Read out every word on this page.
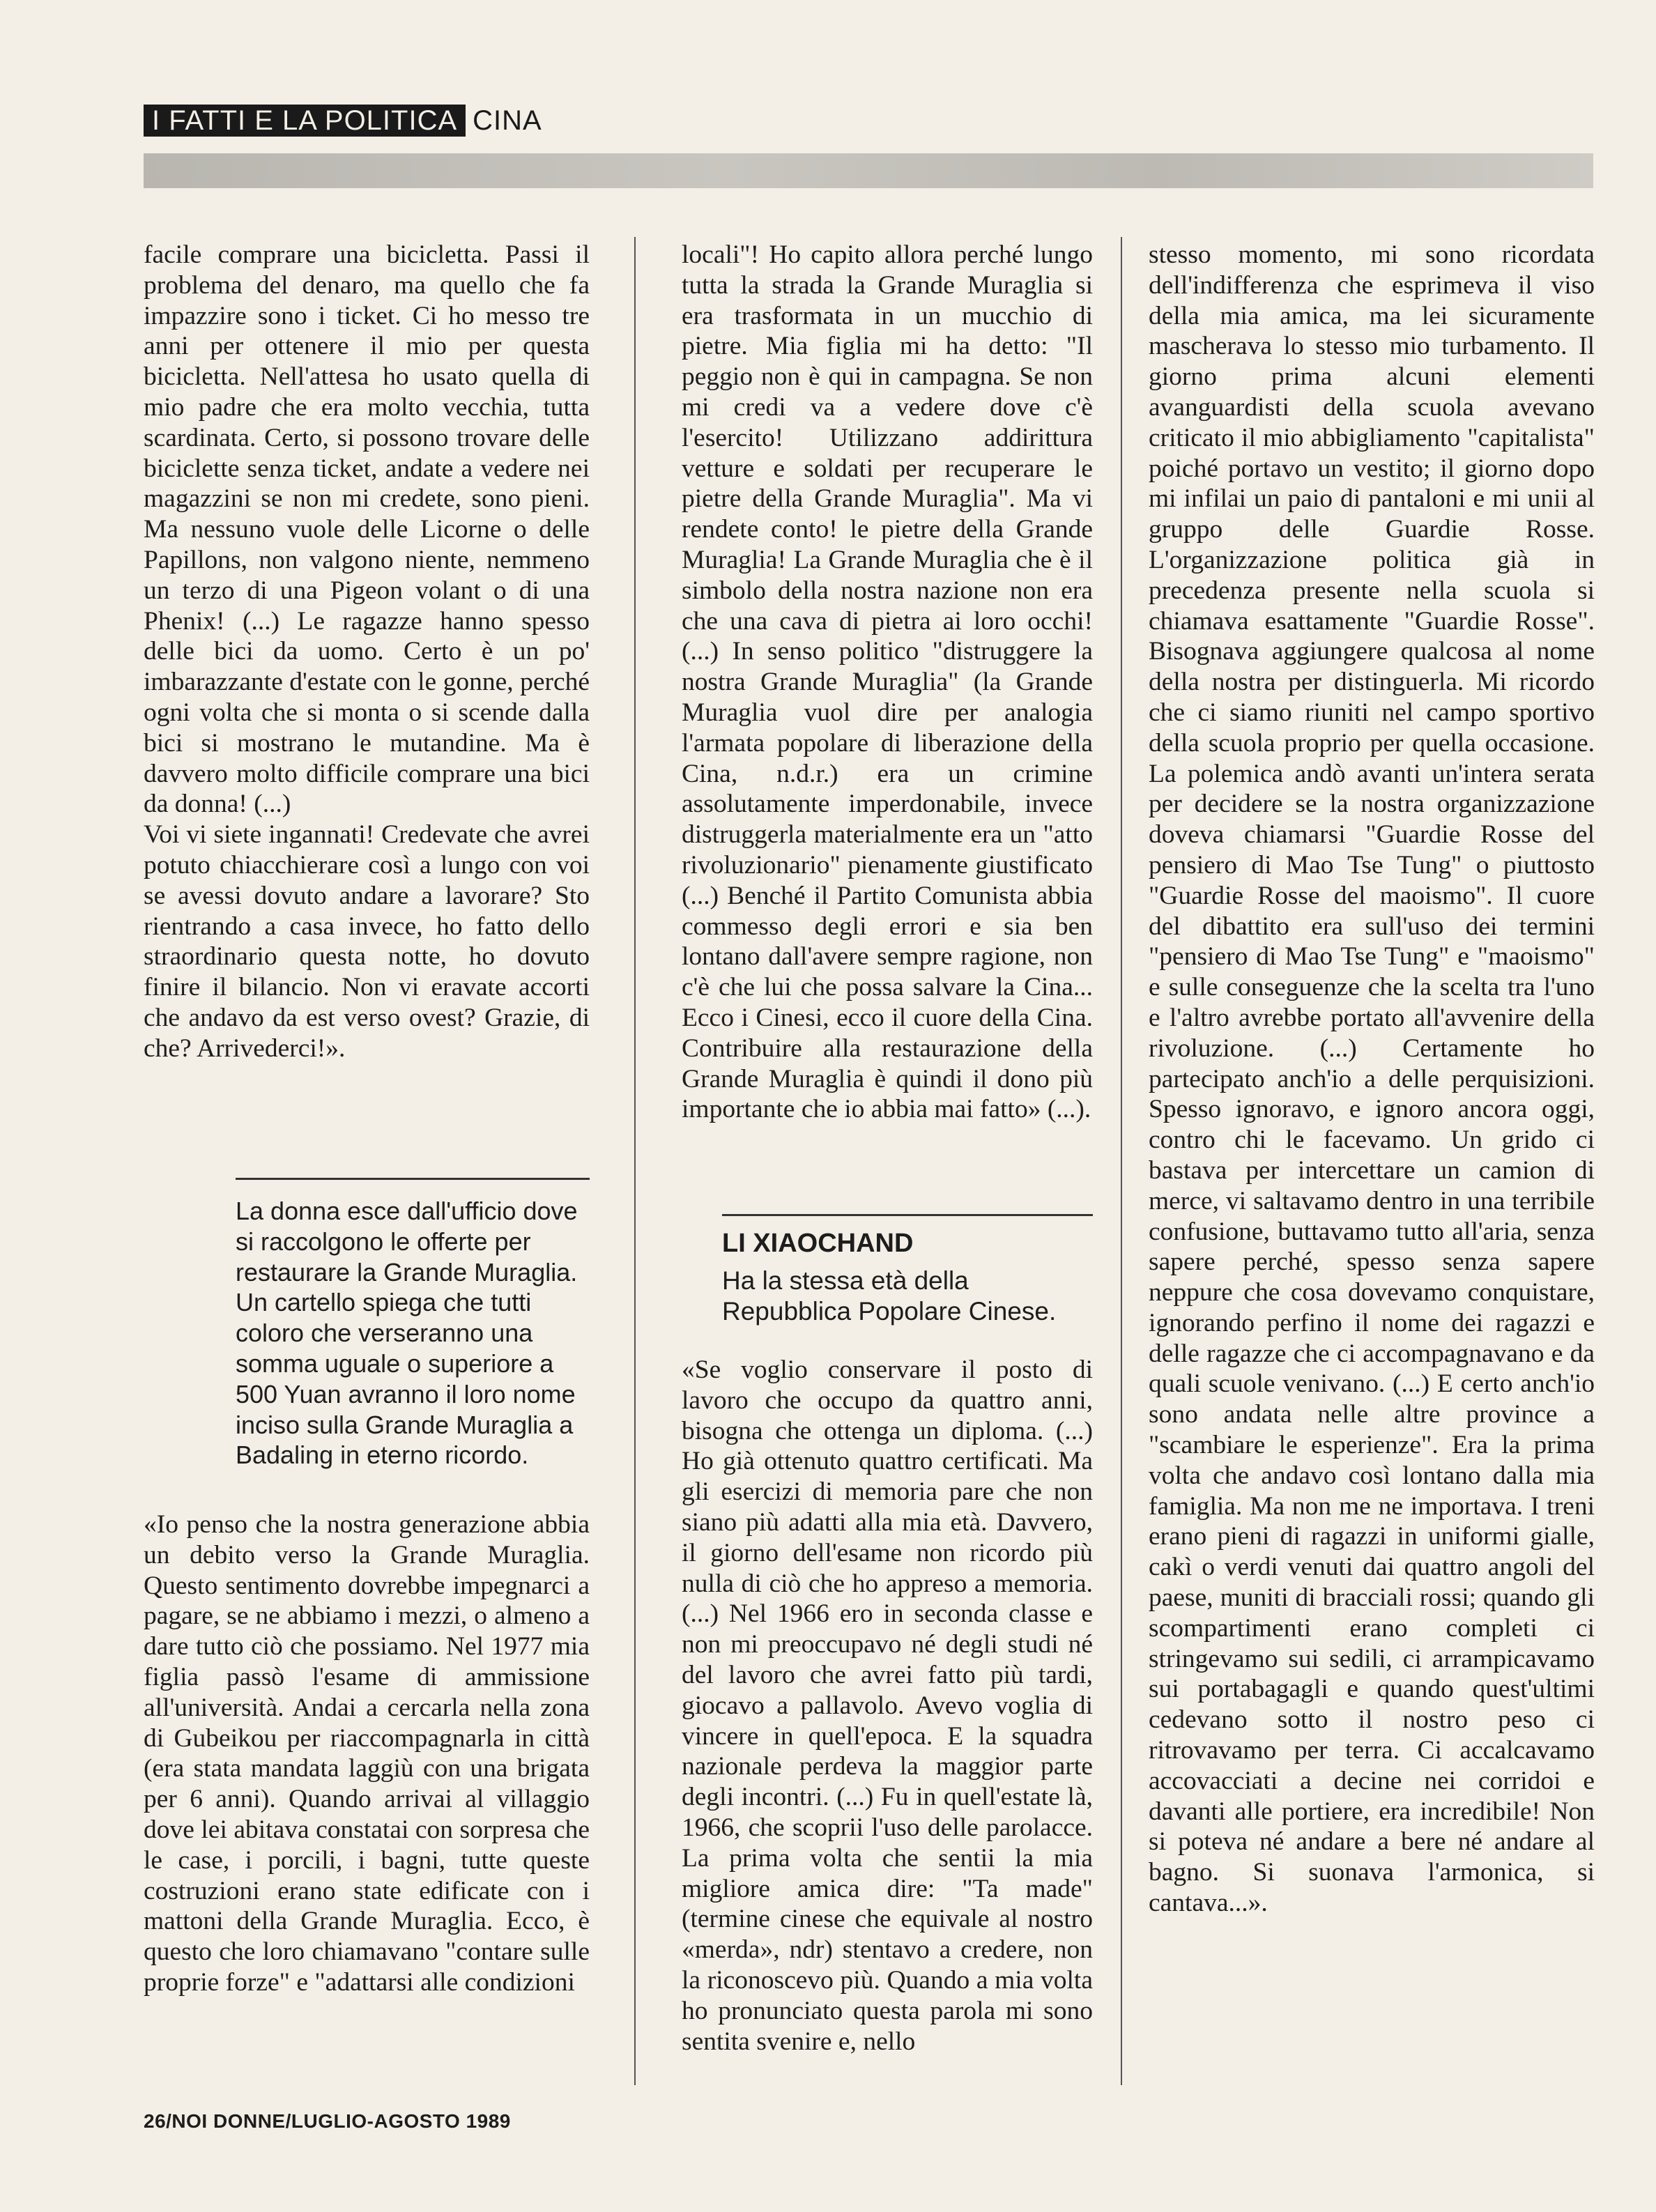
I FATTI E LA POLITICA CINA

facile comprare una bicicletta. Passi il problema del denaro, ma quello che fa impazzire sono i ticket. Ci ho messo tre anni per ottenere il mio per questa bicicletta. Nell'attesa ho usato quella di mio padre che era molto vecchia, tutta scardinata. Certo, si possono trovare delle biciclette senza ticket, andate a vedere nei magazzini se non mi credete, sono pieni. Ma nessuno vuole delle Licorne o delle Papillons, non valgono niente, nemmeno un terzo di una Pigeon volant o di una Phenix! (...) Le ragazze hanno spesso delle bici da uomo. Certo è un po' imbarazzante d'estate con le gonne, perché ogni volta che si monta o si scende dalla bici si mostrano le mutandine. Ma è davvero molto difficile comprare una bici da donna! (...)

Voi vi siete ingannati! Credevate che avrei potuto chiacchierare così a lungo con voi se avessi dovuto andare a lavorare? Sto rientrando a casa invece, ho fatto dello straordinario questa notte, ho dovuto finire il bilancio. Non vi eravate accorti che andavo da est verso ovest? Grazie, di che? Arrivederci!».

La donna esce dall'ufficio dove si raccolgono le offerte per restaurare la Grande Muraglia. Un cartello spiega che tutti coloro che verseranno una somma uguale o superiore a 500 Yuan avranno il loro nome inciso sulla Grande Muraglia a Badaling in eterno ricordo.

«Io penso che la nostra generazione abbia un debito verso la Grande Muraglia. Questo sentimento dovrebbe impegnarci a pagare, se ne abbiamo i mezzi, o almeno a dare tutto ciò che possiamo. Nel 1977 mia figlia passò l'esame di ammissione all'università. Andai a cercarla nella zona di Gubeikou per riaccompagnarla in città (era stata mandata laggiù con una brigata per 6 anni). Quando arrivai al villaggio dove lei abitava constatai con sorpresa che le case, i porcili, i bagni, tutte queste costruzioni erano state edificate con i mattoni della Grande Muraglia. Ecco, è questo che loro chiamavano "contare sulle proprie forze" e "adattarsi alle condizioni

locali"! Ho capito allora perché lungo tutta la strada la Grande Muraglia si era trasformata in un mucchio di pietre. Mia figlia mi ha detto: "Il peggio non è qui in campagna. Se non mi credi va a vedere dove c'è l'esercito! Utilizzano addirittura vetture e soldati per recuperare le pietre della Grande Muraglia". Ma vi rendete conto! le pietre della Grande Muraglia! La Grande Muraglia che è il simbolo della nostra nazione non era che una cava di pietra ai loro occhi! (...) In senso politico "distruggere la nostra Grande Muraglia" (la Grande Muraglia vuol dire per analogia l'armata popolare di liberazione della Cina, n.d.r.) era un crimine assolutamente imperdonabile, invece distruggerla materialmente era un "atto rivoluzionario" pienamente giustificato (...) Benché il Partito Comunista abbia commesso degli errori e sia ben lontano dall'avere sempre ragione, non c'è che lui che possa salvare la Cina... Ecco i Cinesi, ecco il cuore della Cina. Contribuire alla restaurazione della Grande Muraglia è quindi il dono più importante che io abbia mai fatto» (...).

LI XIAOCHAND
Ha la stessa età della Repubblica Popolare Cinese.

«Se voglio conservare il posto di lavoro che occupo da quattro anni, bisogna che ottenga un diploma. (...) Ho già ottenuto quattro certificati. Ma gli esercizi di memoria pare che non siano più adatti alla mia età. Davvero, il giorno dell'esame non ricordo più nulla di ciò che ho appreso a memoria. (...) Nel 1966 ero in seconda classe e non mi preoccupavo né degli studi né del lavoro che avrei fatto più tardi, giocavo a pallavolo. Avevo voglia di vincere in quell'epoca. E la squadra nazionale perdeva la maggior parte degli incontri. (...) Fu in quell'estate là, 1966, che scoprii l'uso delle parolacce. La prima volta che sentii la mia migliore amica dire: "Ta made" (termine cinese che equivale al nostro «merda», ndr) stentavo a credere, non la riconoscevo più. Quando a mia volta ho pronunciato questa parola mi sono sentita svenire e, nello

stesso momento, mi sono ricordata dell'indifferenza che esprimeva il viso della mia amica, ma lei sicuramente mascherava lo stesso mio turbamento. Il giorno prima alcuni elementi avanguardisti della scuola avevano criticato il mio abbigliamento "capitalista" poiché portavo un vestito; il giorno dopo mi infilai un paio di pantaloni e mi unii al gruppo delle Guardie Rosse. L'organizzazione politica già in precedenza presente nella scuola si chiamava esattamente "Guardie Rosse". Bisognava aggiungere qualcosa al nome della nostra per distinguerla. Mi ricordo che ci siamo riuniti nel campo sportivo della scuola proprio per quella occasione. La polemica andò avanti un'intera serata per decidere se la nostra organizzazione doveva chiamarsi "Guardie Rosse del pensiero di Mao Tse Tung" o piuttosto "Guardie Rosse del maoismo". Il cuore del dibattito era sull'uso dei termini "pensiero di Mao Tse Tung" e "maoismo" e sulle conseguenze che la scelta tra l'uno e l'altro avrebbe portato all'avvenire della rivoluzione. (...) Certamente ho partecipato anch'io a delle perquisizioni. Spesso ignoravo, e ignoro ancora oggi, contro chi le facevamo. Un grido ci bastava per intercettare un camion di merce, vi saltavamo dentro in una terribile confusione, buttavamo tutto all'aria, senza sapere perché, spesso senza sapere neppure che cosa dovevamo conquistare, ignorando perfino il nome dei ragazzi e delle ragazze che ci accompagnavano e da quali scuole venivano. (...) E certo anch'io sono andata nelle altre province a "scambiare le esperienze". Era la prima volta che andavo così lontano dalla mia famiglia. Ma non me ne importava. I treni erano pieni di ragazzi in uniformi gialle, cakì o verdi venuti dai quattro angoli del paese, muniti di bracciali rossi; quando gli scompartimenti erano completi ci stringevamo sui sedili, ci arrampicavamo sui portabagagli e quando quest'ultimi cedevano sotto il nostro peso ci ritrovavamo per terra. Ci accalcavamo accovacciati a decine nei corridoi e davanti alle portiere, era incredibile! Non si poteva né andare a bere né andare al bagno. Si suonava l'armonica, si cantava...».

26/NOI DONNE/LUGLIO-AGOSTO 1989
